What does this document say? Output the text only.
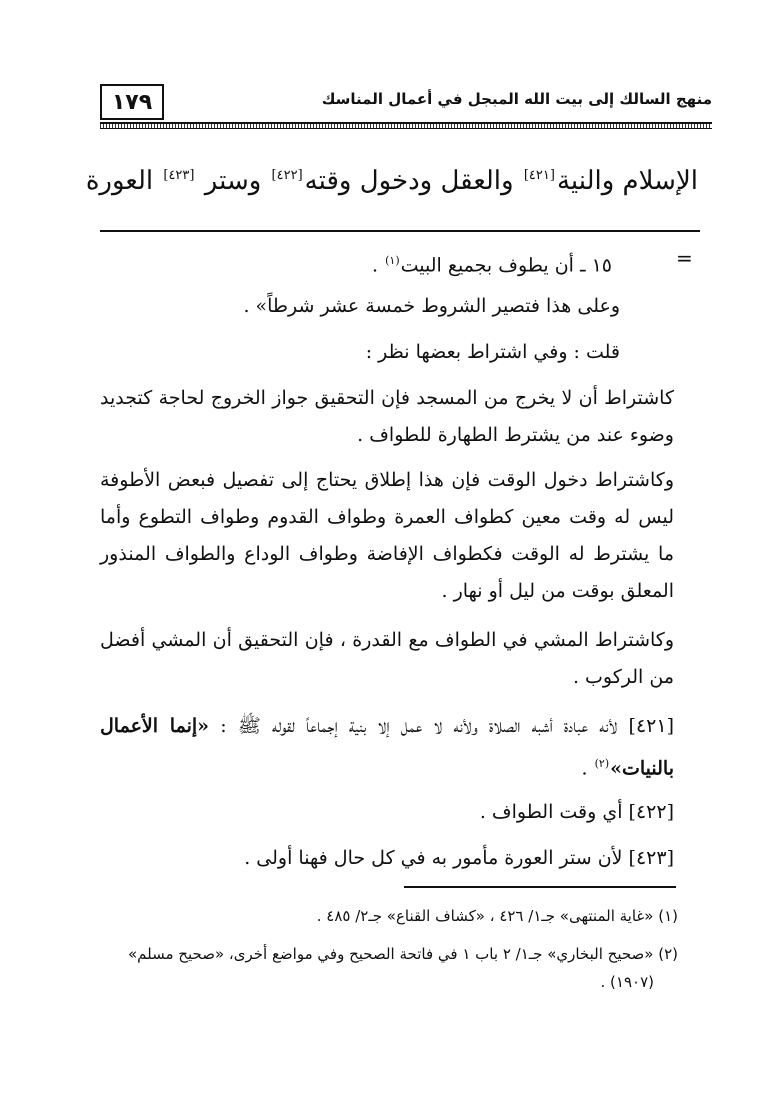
منهج السالك إلى بيت الله المبجل في أعمال المناسك
١٧٩
الإسلام والنية[٤٢١] والعقل ودخول وقته[٤٢٢] وستر [٤٢٣] العورة
=
١٥ ـ أن يطوف بجميع البيت$^{(١)}$ .
وعلى هذا فتصير الشروط خمسة عشر شرطاً» .
قلت : وفي اشتراط بعضها نظر :
كاشتراط أن لا يخرج من المسجد فإن التحقيق جواز الخروج لحاجة كتجديد وضوء عند من يشترط الطهارة للطواف .
وكاشتراط دخول الوقت فإن هذا إطلاق يحتاج إلى تفصيل فبعض الأطوفة ليس له وقت معين كطواف العمرة وطواف القدوم وطواف التطوع وأما ما يشترط له الوقت فكطواف الإفاضة وطواف الوداع والطواف المنذور المعلق بوقت من ليل أو نهار .
وكاشتراط المشي في الطواف مع القدرة ، فإن التحقيق أن المشي أفضل من الركوب .
[٤٢١] لأنه عبادة أشبه الصلاة ولأنه لا عمل إلا بنية إجماعاً لقوله ﷺ : «إنما الأعمال بالنيات»$^{(٢)}$ .
[٤٢٢] أي وقت الطواف .
[٤٢٣] لأن ستر العورة مأمور به في كل حال فهنا أولى .
(١) «غاية المنتهى» جـ١/ ٤٢٦ ، «كشاف القناع» جـ٢/ ٤٨٥ .
(٢) «صحيح البخاري» جـ١/ ٢ باب ١ في فاتحة الصحيح وفي مواضع أخرى، «صحيح مسلم»
(١٩٠٧) .
